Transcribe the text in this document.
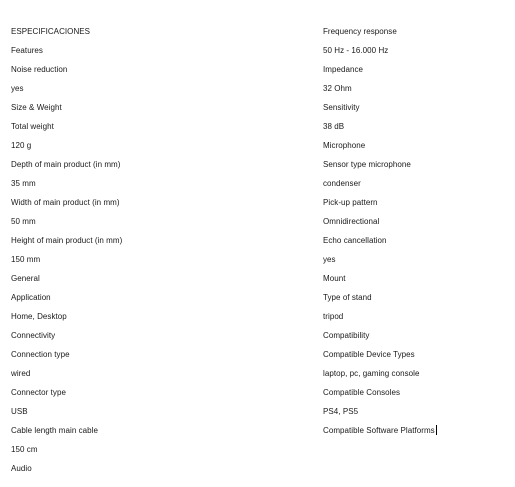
ESPECIFICACIONES
Features
Noise reduction
yes
Size & Weight
Total weight
120 g
Depth of main product (in mm)
35 mm
Width of main product (in mm)
50 mm
Height of main product (in mm)
150 mm
General
Application
Home, Desktop
Connectivity
Connection type
wired
Connector type
USB
Cable length main cable
150 cm
Audio
Frequency response
50 Hz - 16.000 Hz
Impedance
32 Ohm
Sensitivity
38 dB
Microphone
Sensor type microphone
condenser
Pick-up pattern
Omnidirectional
Echo cancellation
yes
Mount
Type of stand
tripod
Compatibility
Compatible Device Types
laptop, pc, gaming console
Compatible Consoles
PS4, PS5
Compatible Software Platforms
